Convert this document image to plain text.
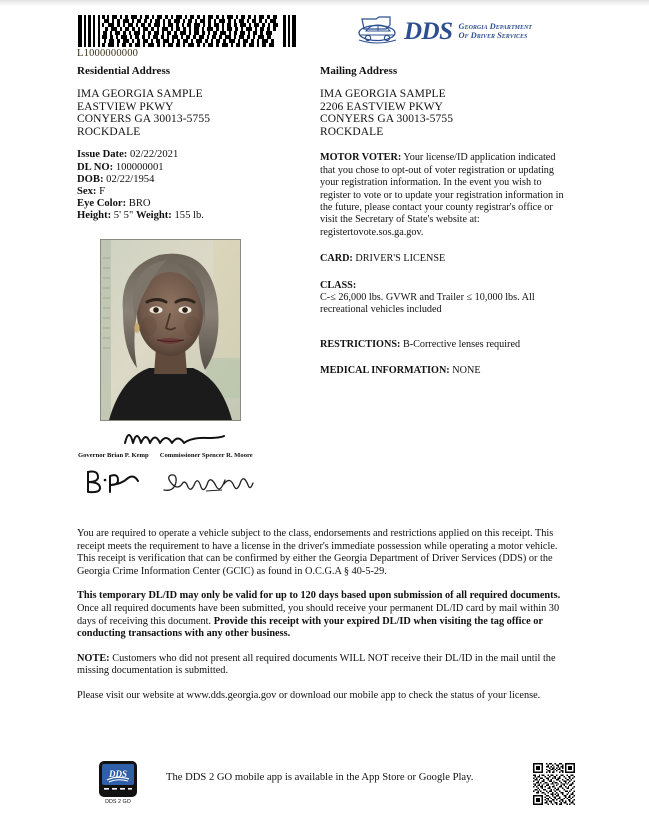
L1000000000
DDS Georgia Department
Of Driver Services
Residential Address
IMA GEORGIA SAMPLE
EASTVIEW PKWY
CONYERS GA 30013-5755
ROCKDALE
Issue Date: 02/22/2021
DL NO: 100000001
DOB: 02/22/1954
Sex: F
Eye Color: BRO
Height: 5' 5" Weight: 155 lb.
Mailing Address
IMA GEORGIA SAMPLE
2206 EASTVIEW PKWY
CONYERS GA 30013-5755
ROCKDALE
MOTOR VOTER: Your license/ID application indicated that you chose to opt-out of voter registration or updating your registration information. In the event you wish to register to vote or to update your registration information in the future, please contact your county registrar's office or visit the Secretary of State's website at: registertovote.sos.ga.gov.
CARD: DRIVER'S LICENSE
CLASS:
C-≤ 26,000 lbs. GVWR and Trailer ≤ 10,000 lbs. All recreational vehicles included
RESTRICTIONS: B-Corrective lenses required
MEDICAL INFORMATION: NONE
Governor Brian P. Kemp Commissioner Spencer R. Moore
You are required to operate a vehicle subject to the class, endorsements and restrictions applied on this receipt. This receipt meets the requirement to have a license in the driver's immediate possession while operating a motor vehicle. This receipt is verification that can be confirmed by either the Georgia Department of Driver Services (DDS) or the Georgia Crime Information Center (GCIC) as found in O.C.G.A § 40-5-29.
This temporary DL/ID may only be valid for up to 120 days based upon submission of all required documents.
Once all required documents have been submitted, you should receive your permanent DL/ID card by mail within 30 days of receiving this document. Provide this receipt with your expired DL/ID when visiting the tag office or conducting transactions with any other business.
NOTE: Customers who did not present all required documents WILL NOT receive their DL/ID in the mail until the missing documentation is submitted.
Please visit our website at www.dds.georgia.gov or download our mobile app to check the status of your license.
DDS
DDS 2 GO
The DDS 2 GO mobile app is available in the App Store or Google Play.
